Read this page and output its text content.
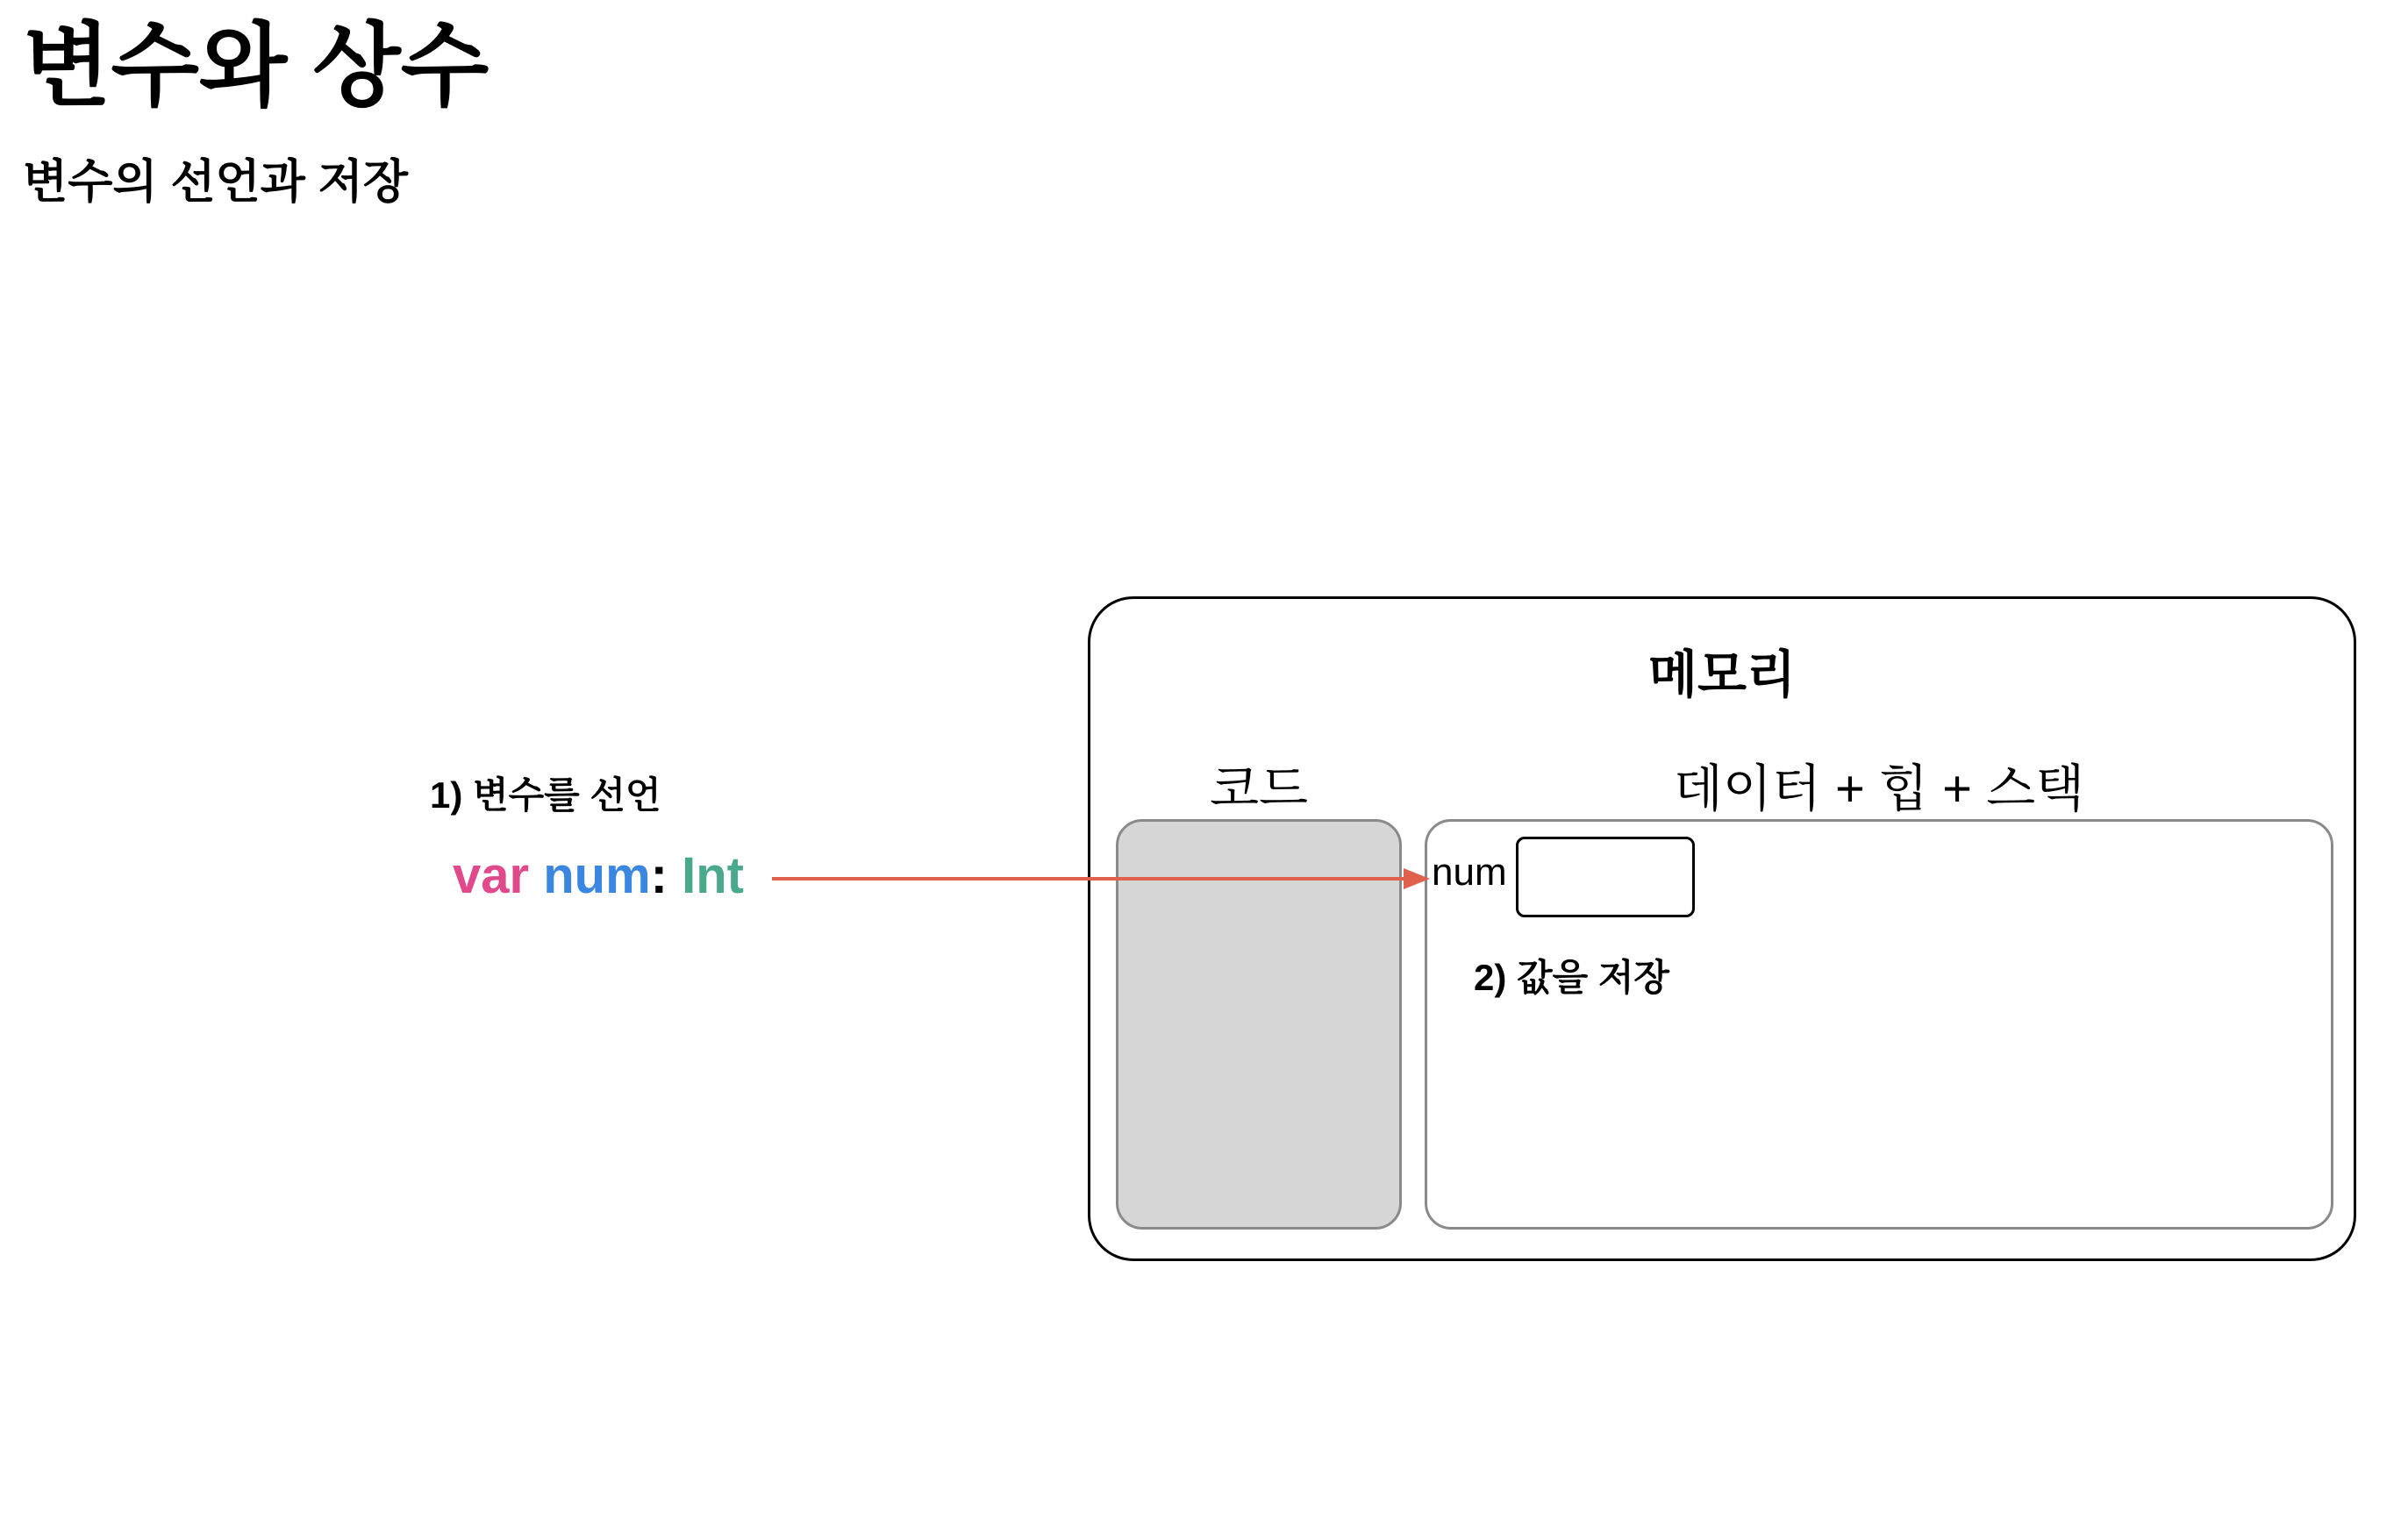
변수와 상수
변수의 선언과 저장
1) 변수를 선언
var num: Int
메모리
코드	데이터 + 힙 + 스택
num
2) 값을 저장
